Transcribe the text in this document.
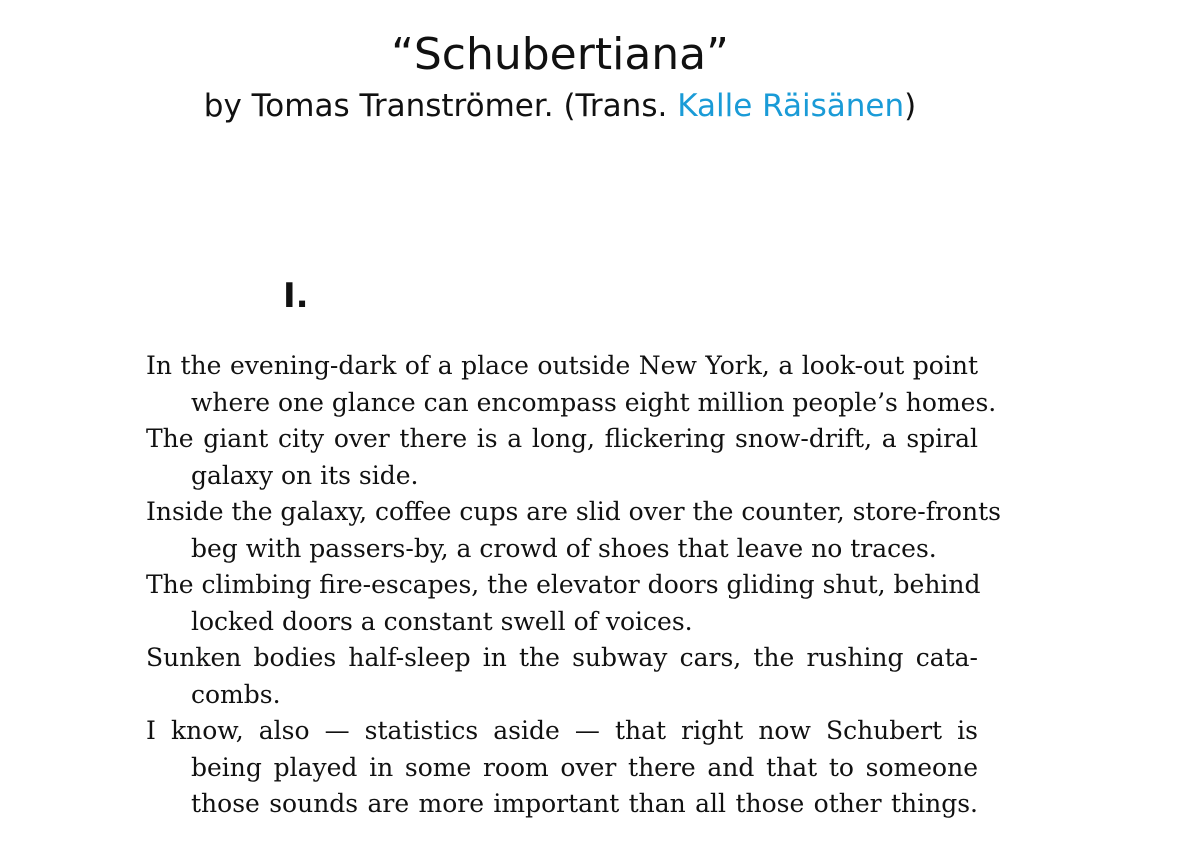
“Schubertiana”
by Tomas Tranströmer. (Trans. Kalle Räisänen)
I.
In the evening-dark of a place outside New York, a look-out point
where one glance can encompass eight million people’s homes.
The giant city over there is a long, flickering snow-drift, a spiral
galaxy on its side.
Inside the galaxy, coffee cups are slid over the counter, store-fronts
beg with passers-by, a crowd of shoes that leave no traces.
The climbing fire-escapes, the elevator doors gliding shut, behind
locked doors a constant swell of voices.
Sunken bodies half-sleep in the subway cars, the rushing cata-
combs.
I know, also — statistics aside — that right now Schubert is
being played in some room over there and that to someone
those sounds are more important than all those other things.
